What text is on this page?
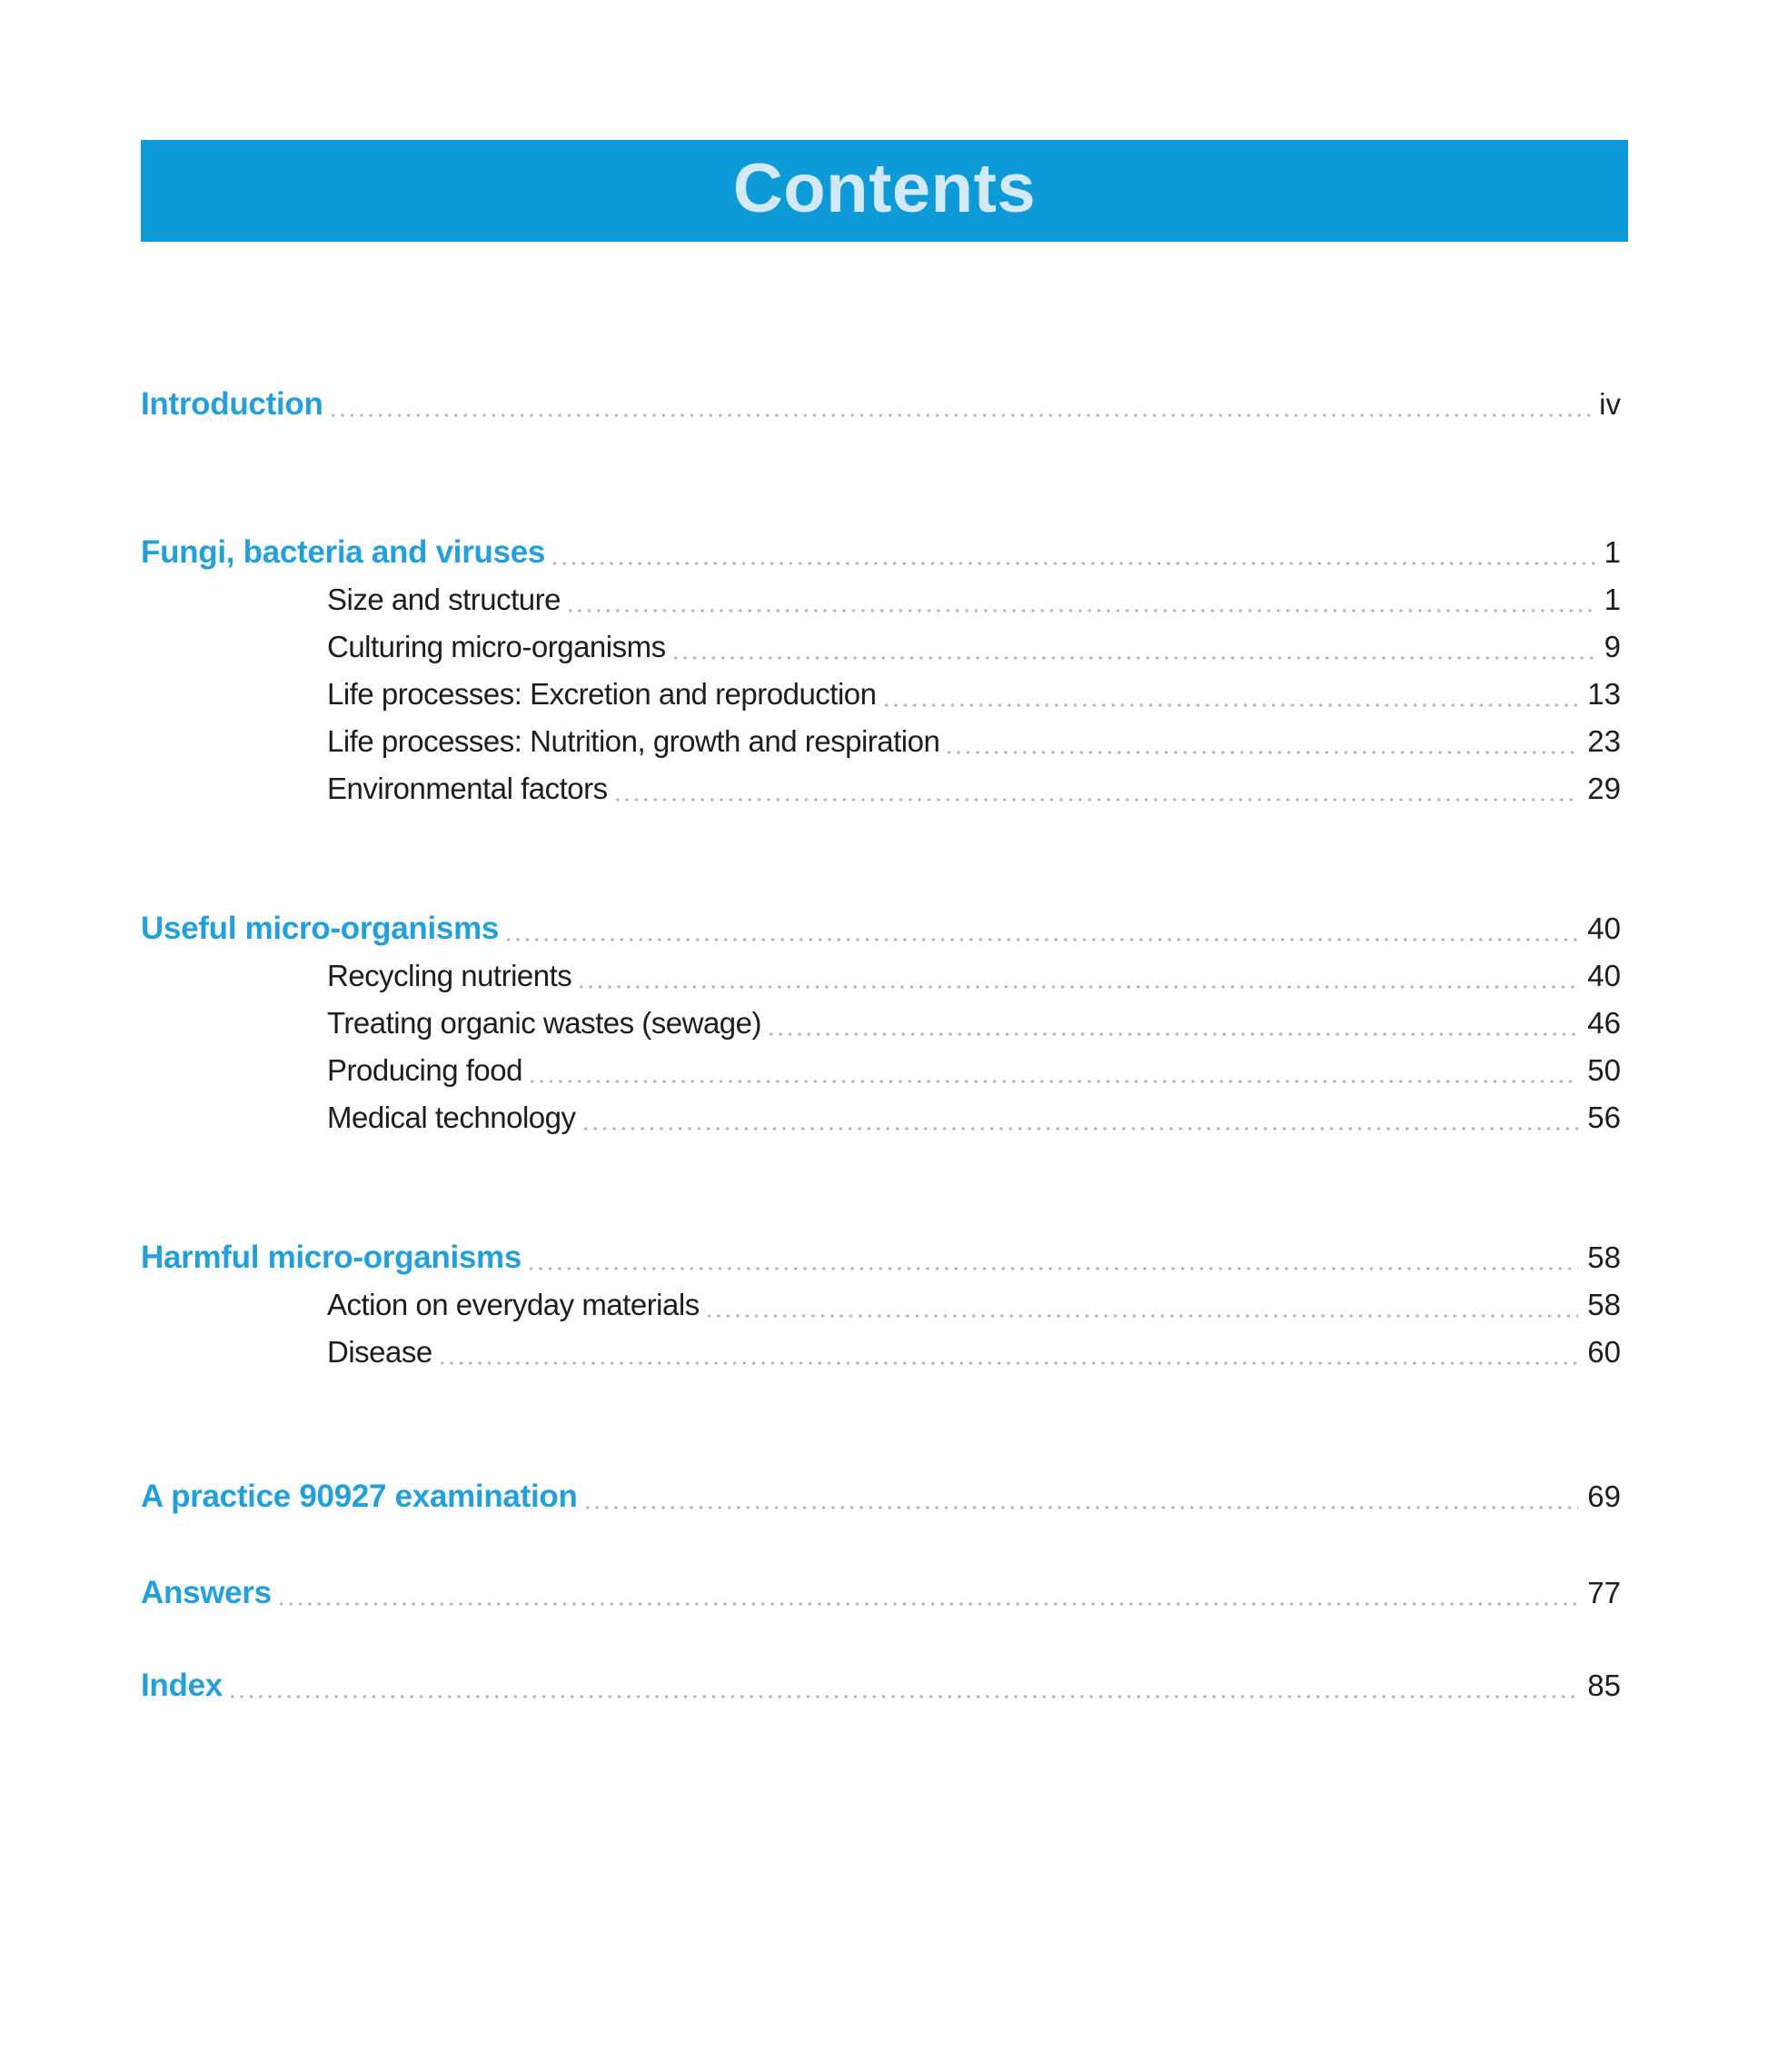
Contents
Introduction	iv
Fungi, bacteria and viruses	1
Size and structure	1
Culturing micro-organisms	9
Life processes: Excretion and reproduction	13
Life processes: Nutrition, growth and respiration	23
Environmental factors	29
Useful micro-organisms	40
Recycling nutrients	40
Treating organic wastes (sewage)	46
Producing food	50
Medical technology	56
Harmful micro-organisms	58
Action on everyday materials	58
Disease	60
A practice 90927 examination	69
Answers	77
Index	85
